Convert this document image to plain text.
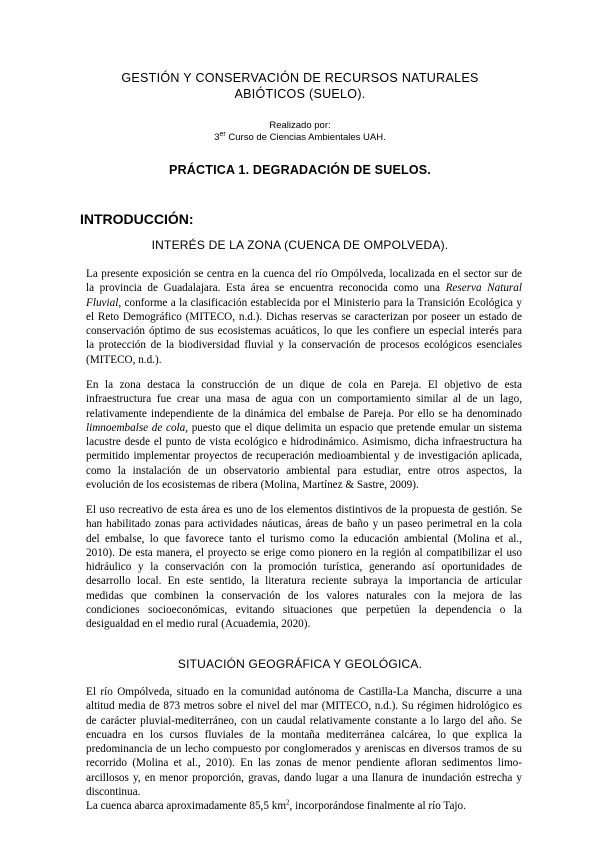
GESTIÓN Y CONSERVACIÓN DE RECURSOS NATURALES
ABIÓTICOS (SUELO).
Realizado por:
3er Curso de Ciencias Ambientales UAH.
PRÁCTICA 1. DEGRADACIÓN DE SUELOS.
INTRODUCCIÓN:
INTERÉS DE LA ZONA (CUENCA DE OMPOLVEDA).
La presente exposición se centra en la cuenca del río Ompólveda, localizada en el sector sur de
la provincia de Guadalajara. Esta área se encuentra reconocida como una Reserva Natural
Fluvial, conforme a la clasificación establecida por el Ministerio para la Transición Ecológica y
el Reto Demográfico (MITECO, n.d.). Dichas reservas se caracterizan por poseer un estado de
conservación óptimo de sus ecosistemas acuáticos, lo que les confiere un especial interés para
la protección de la biodiversidad fluvial y la conservación de procesos ecológicos esenciales
(MITECO, n.d.).
En la zona destaca la construcción de un dique de cola en Pareja. El objetivo de esta
infraestructura fue crear una masa de agua con un comportamiento similar al de un lago,
relativamente independiente de la dinámica del embalse de Pareja. Por ello se ha denominado
limnoembalse de cola, puesto que el dique delimita un espacio que pretende emular un sistema
lacustre desde el punto de vista ecológico e hidrodinámico. Asimismo, dicha infraestructura ha
permitido implementar proyectos de recuperación medioambiental y de investigación aplicada,
como la instalación de un observatorio ambiental para estudiar, entre otros aspectos, la
evolución de los ecosistemas de ribera (Molina, Martínez & Sastre, 2009).
El uso recreativo de esta área es uno de los elementos distintivos de la propuesta de gestión. Se
han habilitado zonas para actividades náuticas, áreas de baño y un paseo perimetral en la cola
del embalse, lo que favorece tanto el turismo como la educación ambiental (Molina et al.,
2010). De esta manera, el proyecto se erige como pionero en la región al compatibilizar el uso
hidráulico y la conservación con la promoción turística, generando así oportunidades de
desarrollo local. En este sentido, la literatura reciente subraya la importancia de articular
medidas que combinen la conservación de los valores naturales con la mejora de las
condiciones socioeconómicas, evitando situaciones que perpetúen la dependencia o la
desigualdad en el medio rural (Acuademia, 2020).
SITUACIÓN GEOGRÁFICA Y GEOLÓGICA.
El río Ompólveda, situado en la comunidad autónoma de Castilla-La Mancha, discurre a una
altitud media de 873 metros sobre el nivel del mar (MITECO, n.d.). Su régimen hidrológico es
de carácter pluvial-mediterráneo, con un caudal relativamente constante a lo largo del año. Se
encuadra en los cursos fluviales de la montaña mediterránea calcárea, lo que explica la
predominancia de un lecho compuesto por conglomerados y areniscas en diversos tramos de su
recorrido (Molina et al., 2010). En las zonas de menor pendiente afloran sedimentos limo-
arcillosos y, en menor proporción, gravas, dando lugar a una llanura de inundación estrecha y
discontinua.
La cuenca abarca aproximadamente 85,5 $km^2$, incorporándose finalmente al río Tajo.
